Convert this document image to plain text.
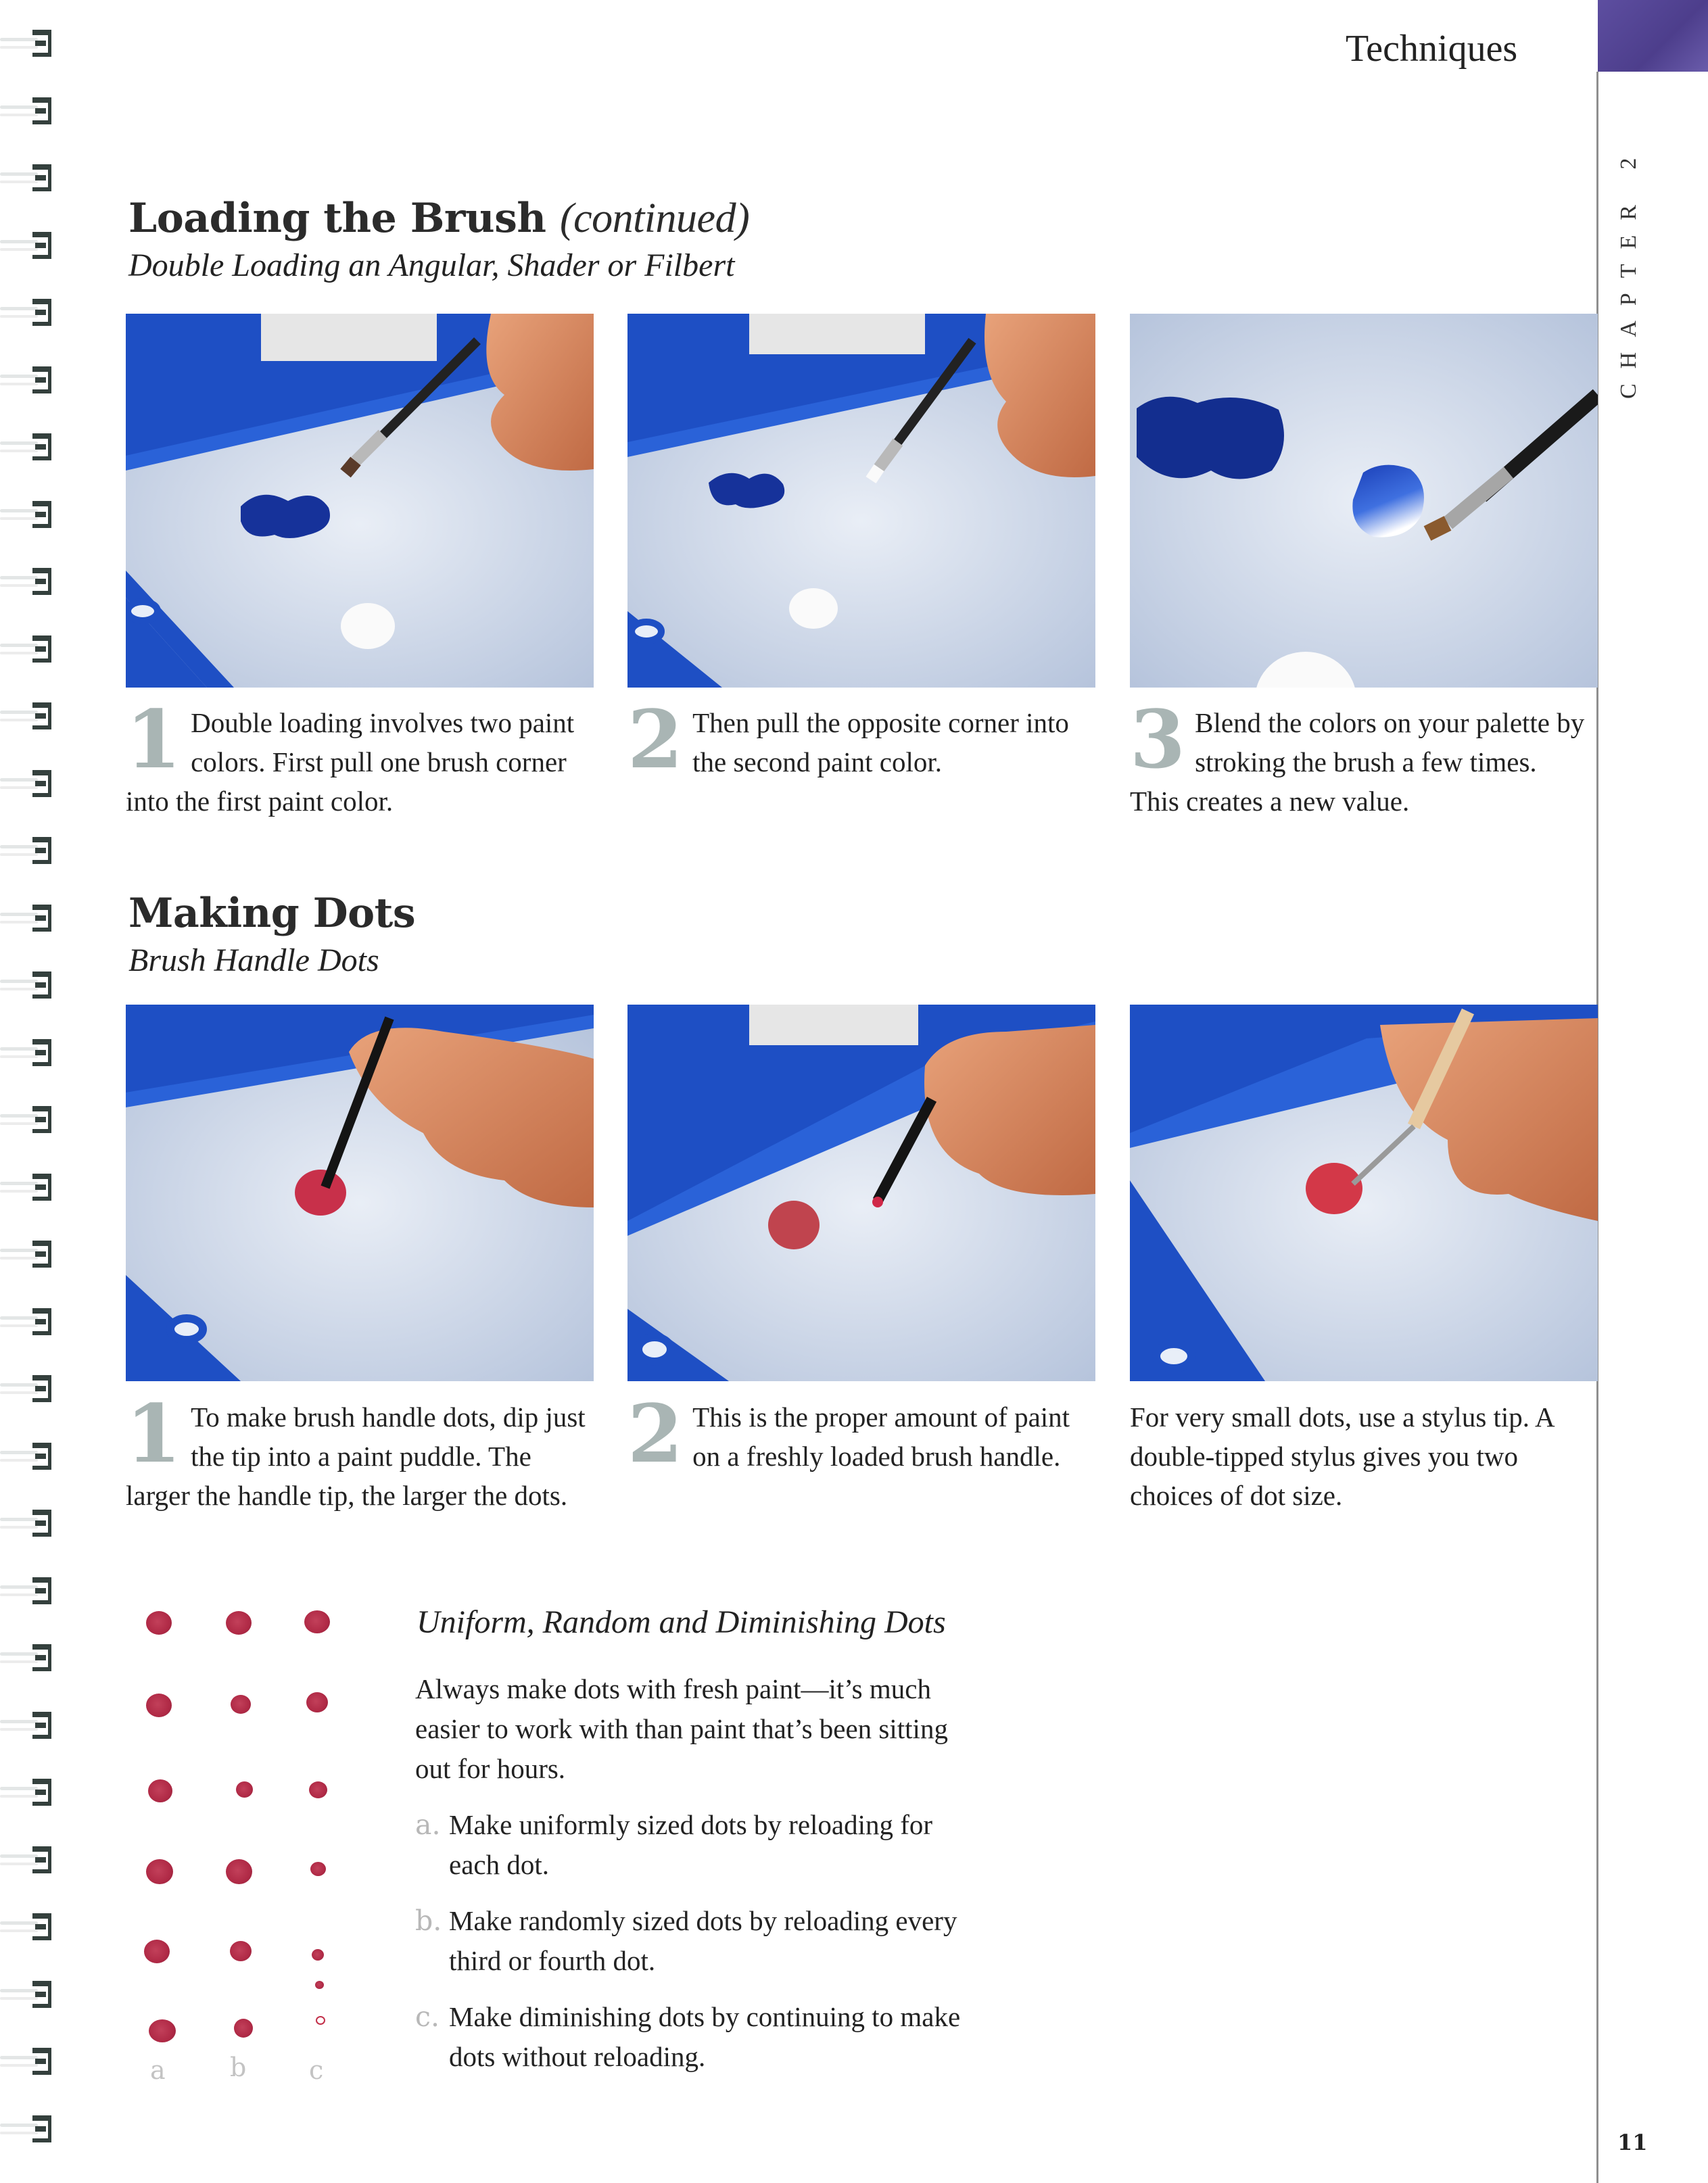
Techniques
CHAPTER 2
Loading the Brush (continued)
Double Loading an Angular, Shader or Filbert
1 Double loading involves two paint colors. First pull one brush corner into the first paint color.
2 Then pull the opposite corner into the second paint color.	3 Blend the colors on your palette by stroking the brush a few times. This creates a new value.
Making Dots
Brush Handle Dots
1 To make brush handle dots, dip just the tip into a paint puddle. The larger the handle tip, the larger the dots.
2 This is the proper amount of paint on a freshly loaded brush handle.
For very small dots, use a stylus tip. A double-tipped stylus gives you two choices of dot size.
a	b c
Uniform, Random and Diminishing Dots
Always make dots with fresh paint—it’s much easier to work with than paint that’s been sitting out for hours.
a. Make uniformly sized dots by reloading for each dot.
b. Make randomly sized dots by reloading every third or fourth dot.
c. Make diminishing dots by continuing to make dots without reloading.
11
